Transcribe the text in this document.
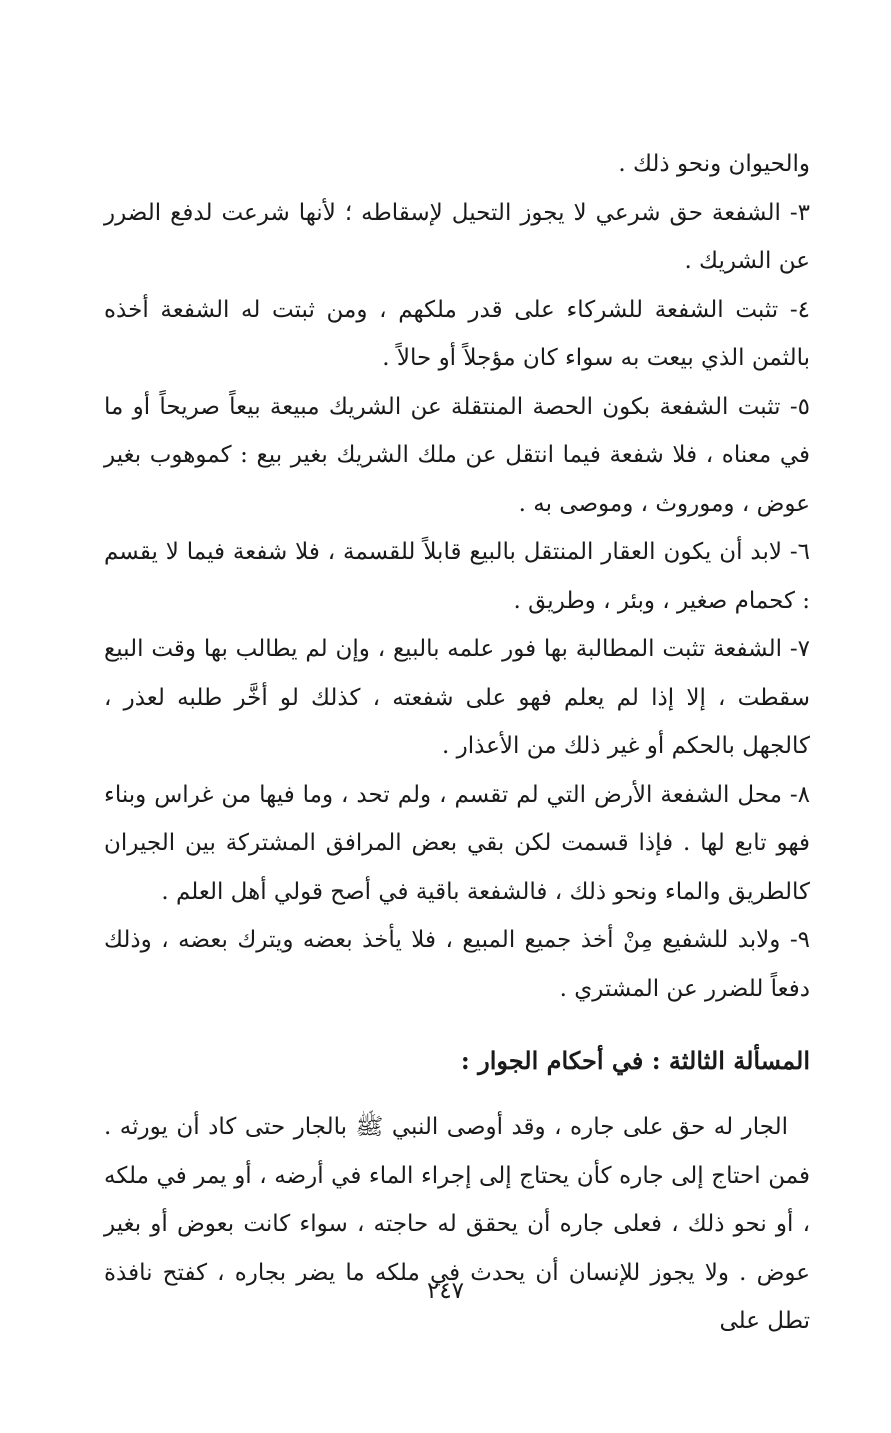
والحيوان ونحو ذلك .

٣- الشفعة حق شرعي لا يجوز التحيل لإسقاطه ؛ لأنها شرعت لدفع الضرر عن الشريك .

٤- تثبت الشفعة للشركاء على قدر ملكهم ، ومن ثبتت له الشفعة أخذه بالثمن الذي بيعت به سواء كان مؤجلاً أو حالاً .

٥- تثبت الشفعة بكون الحصة المنتقلة عن الشريك مبيعة بيعاً صريحاً أو ما في معناه ، فلا شفعة فيما انتقل عن ملك الشريك بغير بيع : كموهوب بغير عوض ، وموروث ، وموصى به .

٦- لابد أن يكون العقار المنتقل بالبيع قابلاً للقسمة ، فلا شفعة فيما لا يقسم : كحمام صغير ، وبئر ، وطريق .

٧- الشفعة تثبت المطالبة بها فور علمه بالبيع ، وإن لم يطالب بها وقت البيع سقطت ، إلا إذا لم يعلم فهو على شفعته ، كذلك لو أخَّر طلبه لعذر ، كالجهل بالحكم أو غير ذلك من الأعذار .

٨- محل الشفعة الأرض التي لم تقسم ، ولم تحد ، وما فيها من غراس وبناء فهو تابع لها . فإذا قسمت لكن بقي بعض المرافق المشتركة بين الجيران كالطريق والماء ونحو ذلك ، فالشفعة باقية في أصح قولي أهل العلم .

٩- ولابد للشفيع مِنْ أخذ جميع المبيع ، فلا يأخذ بعضه ويترك بعضه ، وذلك دفعاً للضرر عن المشتري .

المسألة الثالثة : في أحكام الجوار :

الجار له حق على جاره ، وقد أوصى النبي ﷺ بالجار حتى كاد أن يورثه . فمن احتاج إلى جاره كأن يحتاج إلى إجراء الماء في أرضه ، أو يمر في ملكه ، أو نحو ذلك ، فعلى جاره أن يحقق له حاجته ، سواء كانت بعوض أو بغير عوض . ولا يجوز للإنسان أن يحدث في ملكه ما يضر بجاره ، كفتح نافذة تطل على

٢٤٧
